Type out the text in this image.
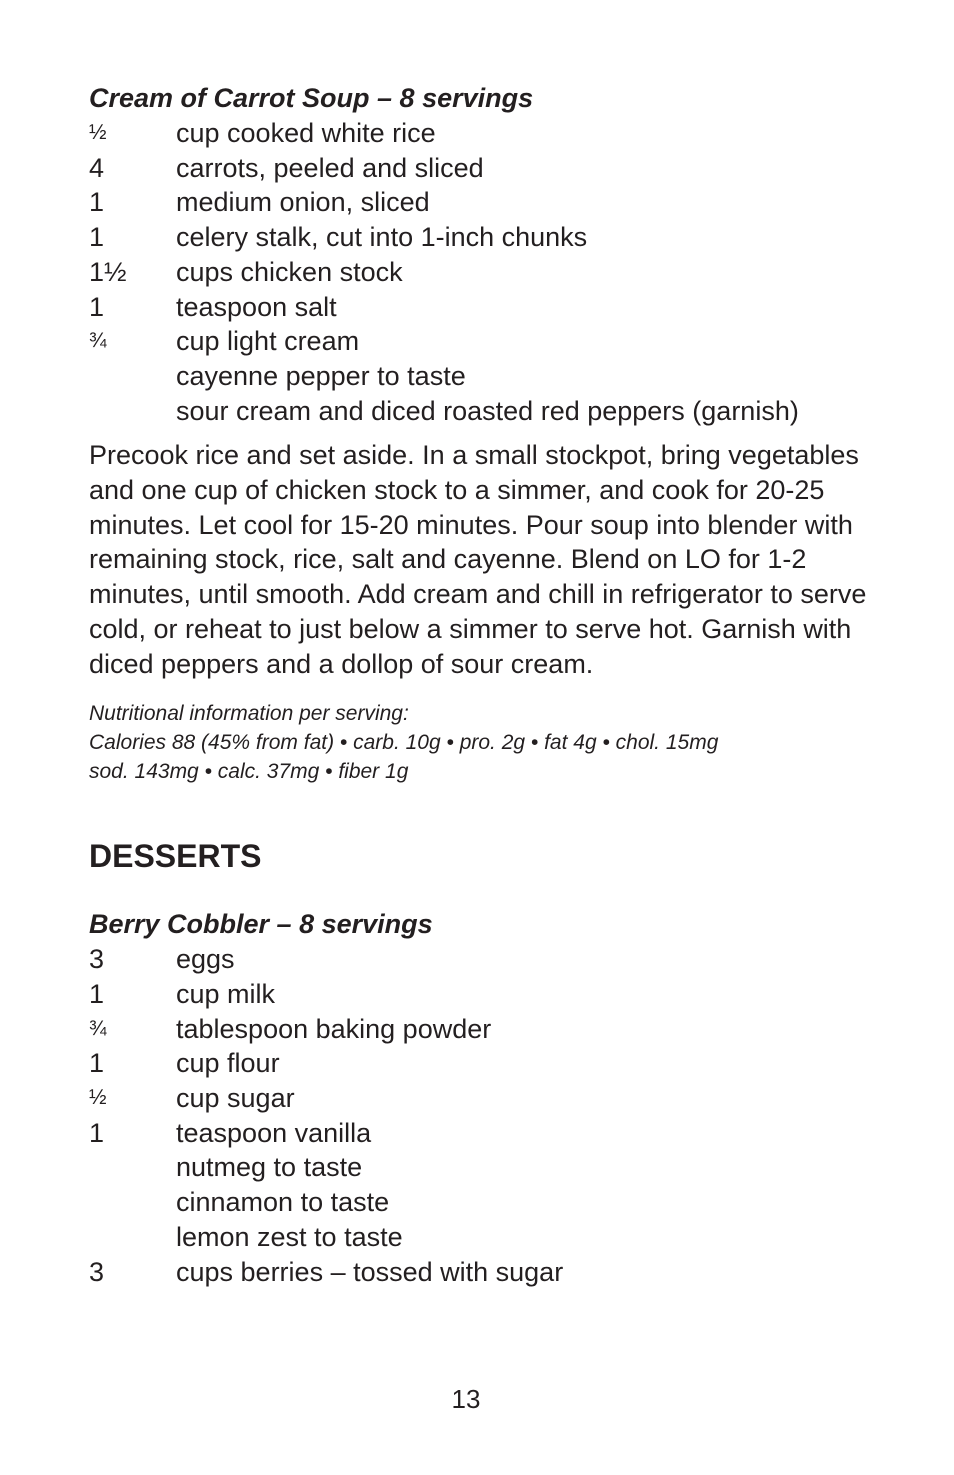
Cream of Carrot Soup – 8 servings
½	cup cooked white rice
4	carrots, peeled and sliced
1	medium onion, sliced
1	celery stalk, cut into 1-inch chunks
1½	cups chicken stock
1	teaspoon salt
¾	cup light cream
cayenne pepper to taste
sour cream and diced roasted red peppers (garnish)

Precook rice and set aside. In a small stockpot, bring vegetables and one cup of chicken stock to a simmer, and cook for 20-25 minutes. Let cool for 15-20 minutes. Pour soup into blender with remaining stock, rice, salt and cayenne. Blend on LO for 1-2 minutes, until smooth. Add cream and chill in refrigerator to serve cold, or reheat to just below a simmer to serve hot. Garnish with diced peppers and a dollop of sour cream.

Nutritional information per serving:
Calories 88 (45% from fat) • carb. 10g • pro. 2g • fat 4g • chol. 15mg
sod. 143mg • calc. 37mg • fiber 1g
DESSERTS
Berry Cobbler – 8 servings
3	eggs
1	cup milk
¾	tablespoon baking powder
1	cup flour
½	cup sugar
1	teaspoon vanilla
nutmeg to taste
cinnamon to taste
lemon zest to taste
3	cups berries – tossed with sugar
13
